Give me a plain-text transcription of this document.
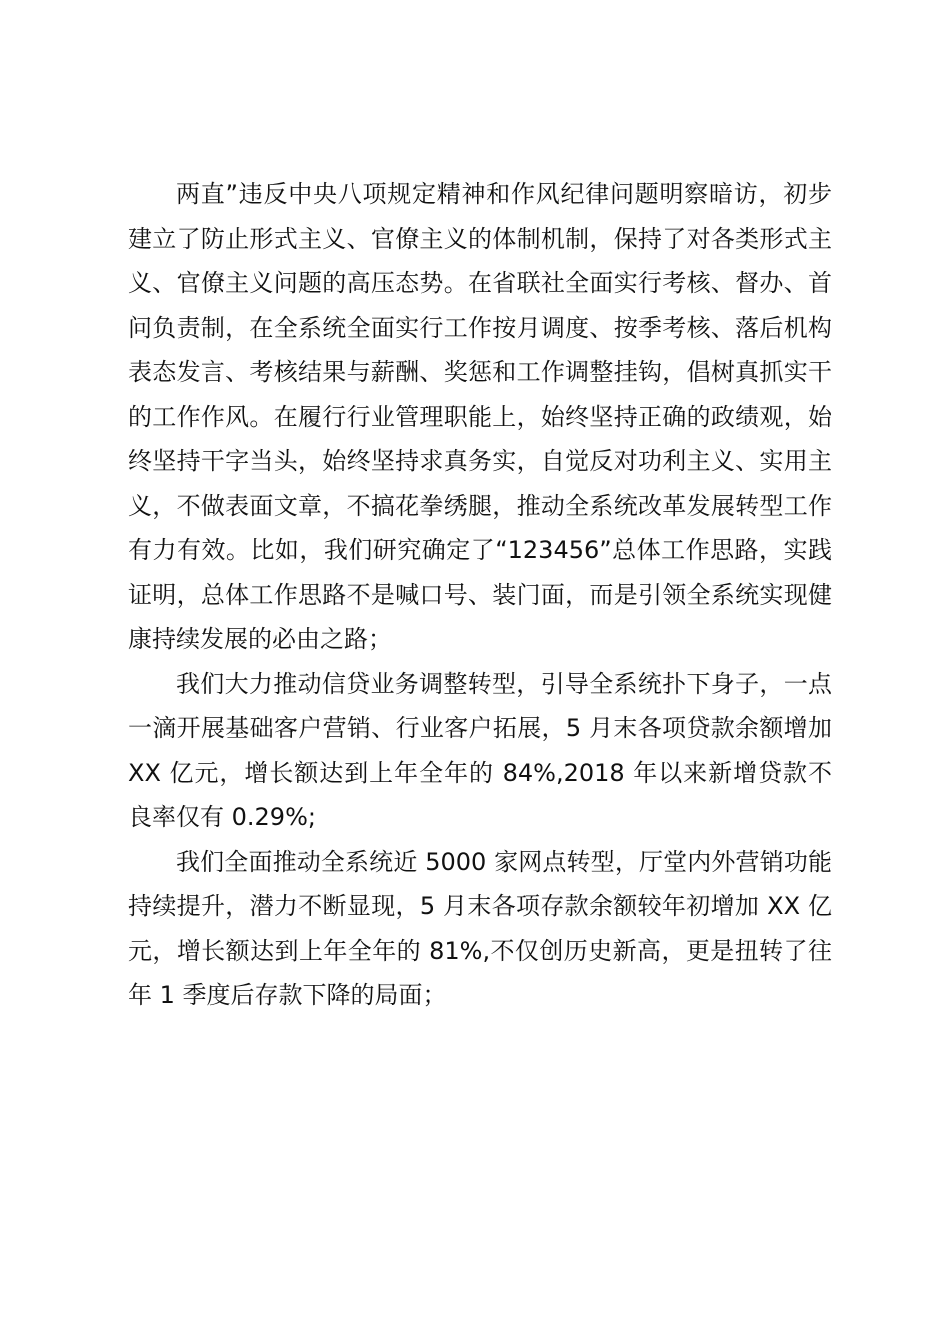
两直”违反中央八项规定精神和作风纪律问题明察暗访，初步建立了防止形式主义、官僚主义的体制机制，保持了对各类形式主义、官僚主义问题的高压态势。在省联社全面实行考核、督办、首问负责制，在全系统全面实行工作按月调度、按季考核、落后机构表态发言、考核结果与薪酬、奖惩和工作调整挂钩，倡树真抓实干的工作作风。在履行行业管理职能上，始终坚持正确的政绩观，始终坚持干字当头，始终坚持求真务实，自觉反对功利主义、实用主义，不做表面文章，不搞花拳绣腿，推动全系统改革发展转型工作有力有效。比如，我们研究确定了“123456”总体工作思路，实践证明，总体工作思路不是喊口号、装门面，而是引领全系统实现健康持续发展的必由之路；

我们大力推动信贷业务调整转型，引导全系统扑下身子，一点一滴开展基础客户营销、行业客户拓展，5 月末各项贷款余额增加 XX 亿元，增长额达到上年全年的 84%,2018 年以来新增贷款不良率仅有 0.29%;

我们全面推动全系统近 5000 家网点转型，厅堂内外营销功能持续提升，潜力不断显现，5 月末各项存款余额较年初增加 XX 亿元，增长额达到上年全年的 81%,不仅创历史新高，更是扭转了往年 1 季度后存款下降的局面；
